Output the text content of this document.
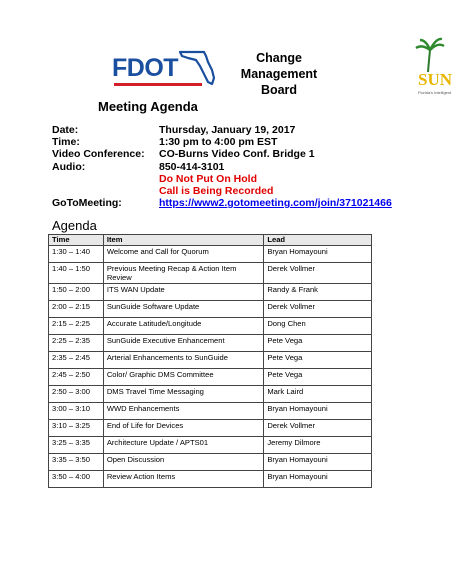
FDOT	Change
Management
Board
SUN
Florida's Intelligent
Meeting Agenda
Date:	Thursday, January 19, 2017
Time:	1:30 pm to 4:00 pm EST
Video Conference: CO-Burns Video Conf. Bridge 1
Audio:	850-414-3101
Do Not Put On Hold
Call is Being Recorded
GoToMeeting:	https://www2.gotomeeting.com/join/371021466
Agenda
Time	Item	Lead
1:30 – 1:40	Welcome and Call for Quorum	Bryan Homayouni
1:40 – 1:50	Previous Meeting Recap & Action Item Review	Derek Vollmer
1:50 – 2:00	ITS WAN Update	Randy & Frank
2:00 – 2:15	SunGuide Software Update	Derek Vollmer
2:15 – 2:25	Accurate Latitude/Longitude	Dong Chen
2:25 – 2:35	SunGuide Executive Enhancement	Pete Vega
2:35 – 2:45	Arterial Enhancements to SunGuide	Pete Vega
2:45 – 2:50	Color/ Graphic DMS Committee	Pete Vega
2:50 – 3:00	DMS Travel Time Messaging	Mark Laird
3:00 – 3:10	WWD Enhancements	Bryan Homayouni
3:10 – 3:25	End of Life for Devices	Derek Vollmer
3:25 – 3:35	Architecture Update / APTS01	Jeremy Dilmore
3:35 – 3:50	Open Discussion	Bryan Homayouni
3:50 – 4:00	Review Action Items	Bryan Homayouni
